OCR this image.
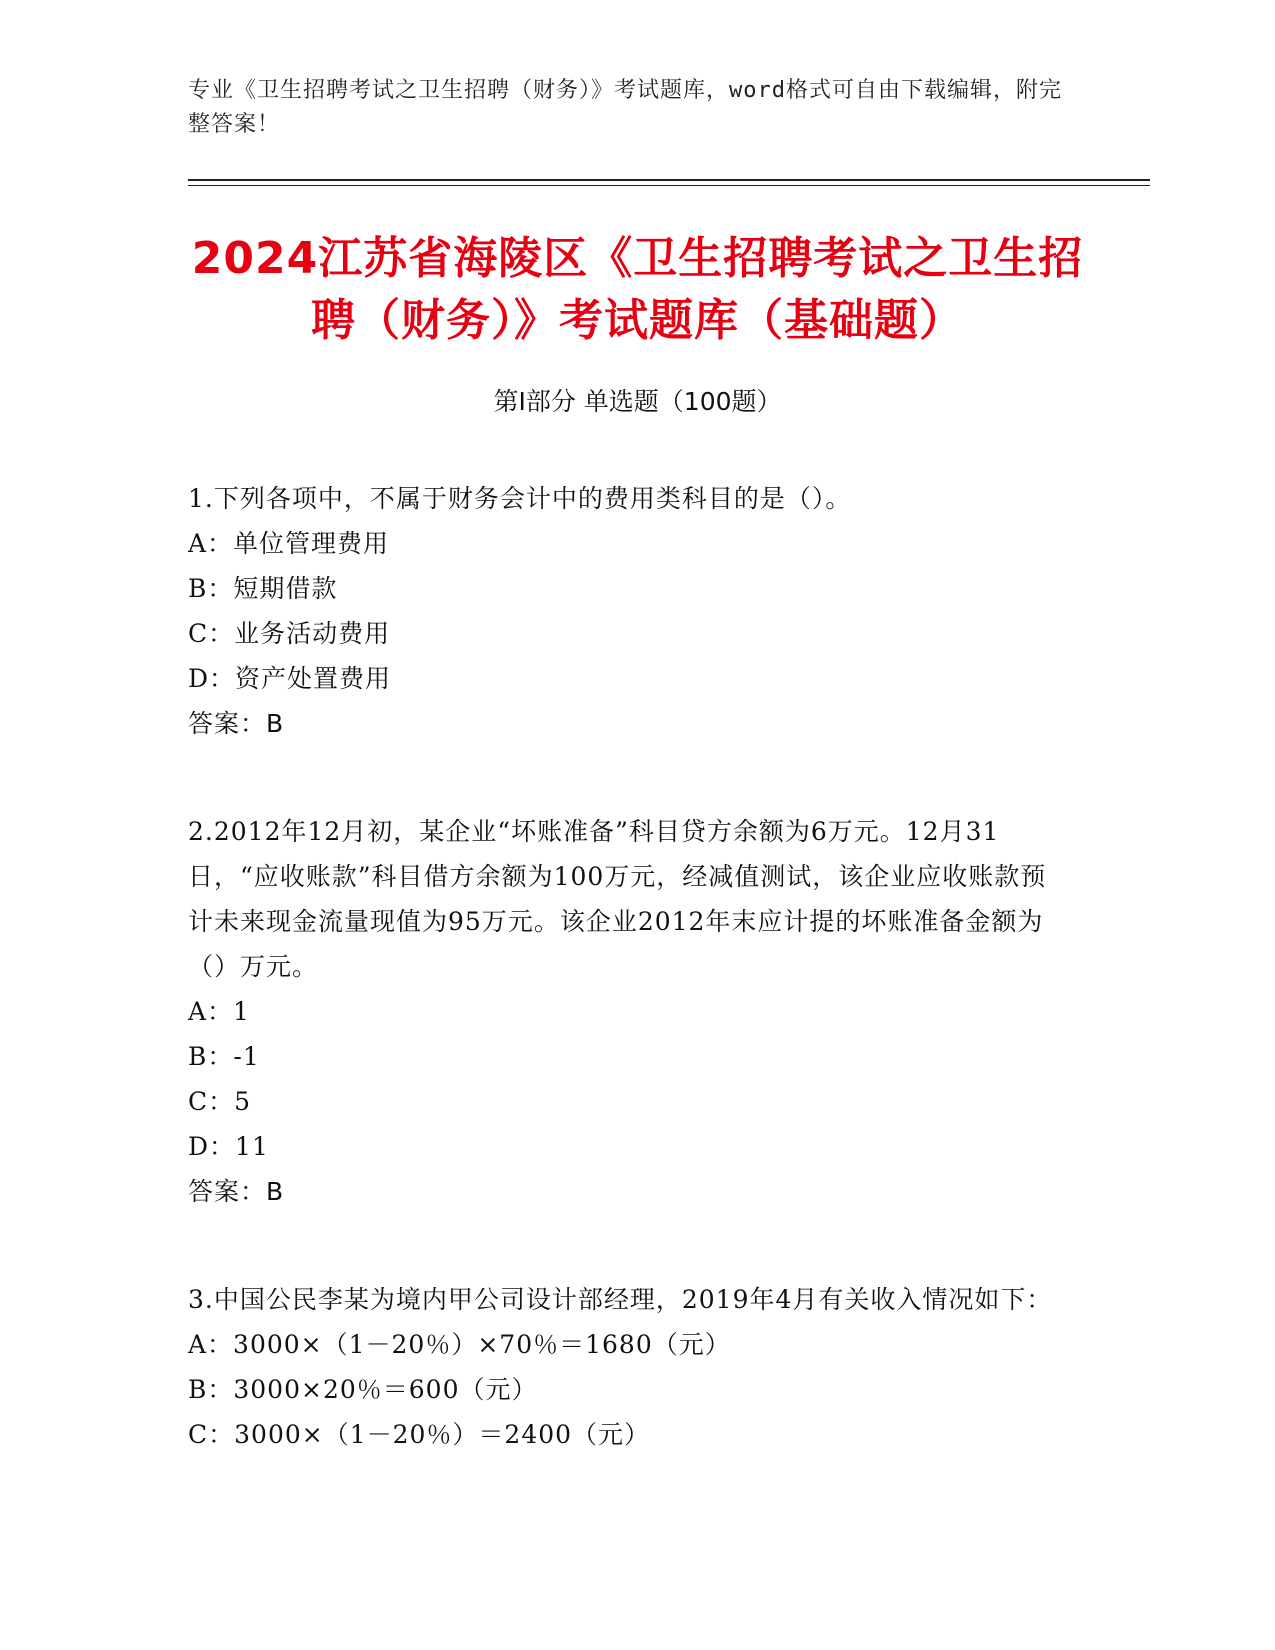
专业《卫生招聘考试之卫生招聘（财务）》考试题库，word格式可自由下载编辑，附完整答案！
2024江苏省海陵区《卫生招聘考试之卫生招
聘（财务）》考试题库（基础题）
第I部分 单选题（100题）

1.下列各项中，不属于财务会计中的费用类科目的是（）。

A：单位管理费用

B：短期借款

C：业务活动费用

D：资产处置费用

答案：B

2.2012年12月初，某企业“坏账准备”科目贷方余额为6万元。12月31日，“应收账款”科目借方余额为100万元，经减值测试，该企业应收账款预计未来现金流量现值为95万元。该企业2012年末应计提的坏账准备金额为（）万元。

A：1

B：-1

C：5

D：11

答案：B

3.中国公民李某为境内甲公司设计部经理，2019年4月有关收入情况如下：

A：3000×（1－20％）×70％＝1680（元）

B：3000×20％＝600（元）

C：3000×（1－20％）＝2400（元）
